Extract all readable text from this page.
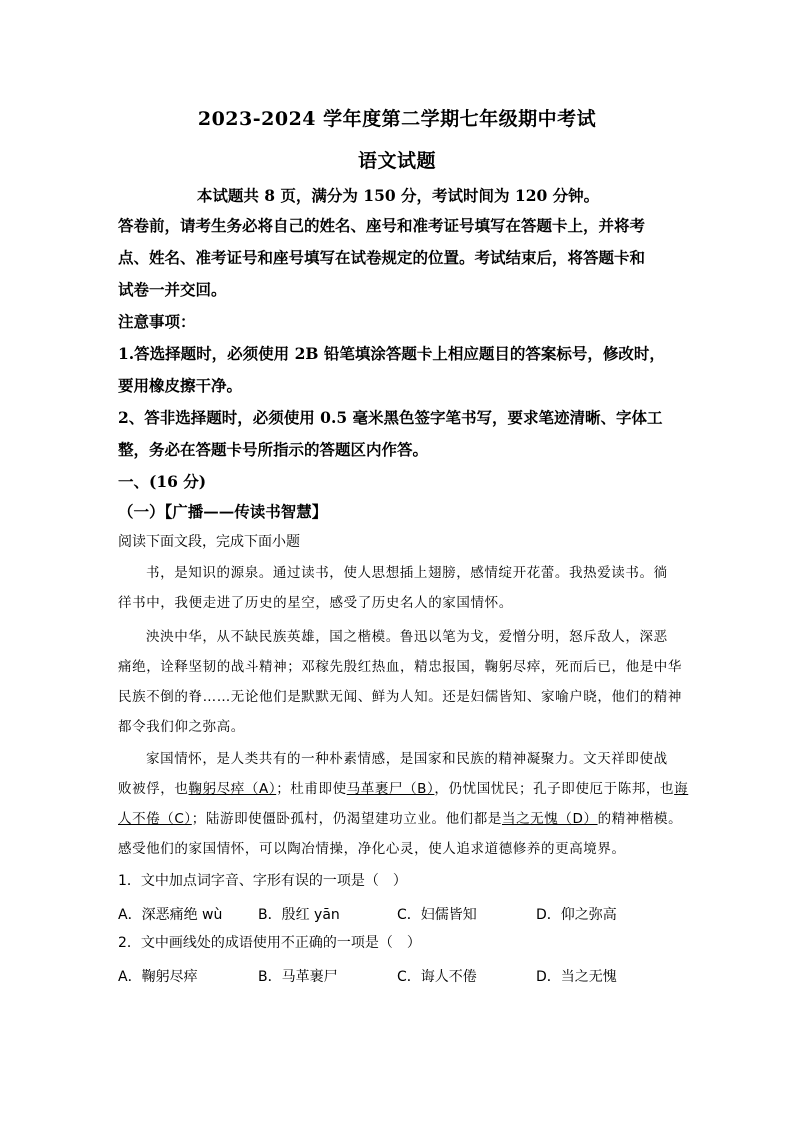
2023-2024 学年度第二学期七年级期中考试
语文试题
本试题共 8 页，满分为 150 分，考试时间为 120 分钟。
答卷前，请考生务必将自己的姓名、座号和准考证号填写在答题卡上，并将考
点、姓名、准考证号和座号填写在试卷规定的位置。考试结束后，将答题卡和
试卷一并交回。
注意事项：
1.答选择题时，必须使用 2B 铅笔填涂答题卡上相应题目的答案标号，修改时，
要用橡皮擦干净。
2、答非选择题时，必须使用 0.5 毫米黑色签字笔书写，要求笔迹清晰、字体工
整，务必在答题卡号所指示的答题区内作答。
一、(16 分)
（一）【广播——传读书智慧】
阅读下面文段，完成下面小题
书，是知识的源泉。通过读书，使人思想插上翅膀，感情绽开花蕾。我热爱读书。徜
徉书中，我便走进了历史的星空，感受了历史名人的家国情怀。
泱泱中华，从不缺民族英雄，国之楷模。鲁迅以笔为戈，爱憎分明，怒斥敌人，深恶
痛绝，诠释坚韧的战斗精神；邓稼先殷红热血，精忠报国，鞠躬尽瘁，死而后已，他是中华
民族不倒的脊……无论他们是默默无闻、鲜为人知。还是妇儒皆知、家喻户晓，他们的精神
都令我们仰之弥高。
家国情怀，是人类共有的一种朴素情感，是国家和民族的精神凝聚力。文天祥即使战
败被俘，也鞠躬尽瘁（A）；杜甫即使马革裹尸（B），仍忧国忧民；孔子即使厄于陈邦，也诲
人不倦（C）；陆游即使僵卧孤村，仍渴望建功立业。他们都是当之无愧（D）的精神楷模。
感受他们的家国情怀，可以陶冶情操，净化心灵，使人追求道德修养的更高境界。
1．文中加点词字音、字形有误的一项是（　）
A．深恶痛绝 wù	B．殷红 yān	C．妇儒皆知	D．仰之弥高
2．文中画线处的成语使用不正确的一项是（　）
A．鞠躬尽瘁	B．马革裹尸	C．诲人不倦	D．当之无愧
